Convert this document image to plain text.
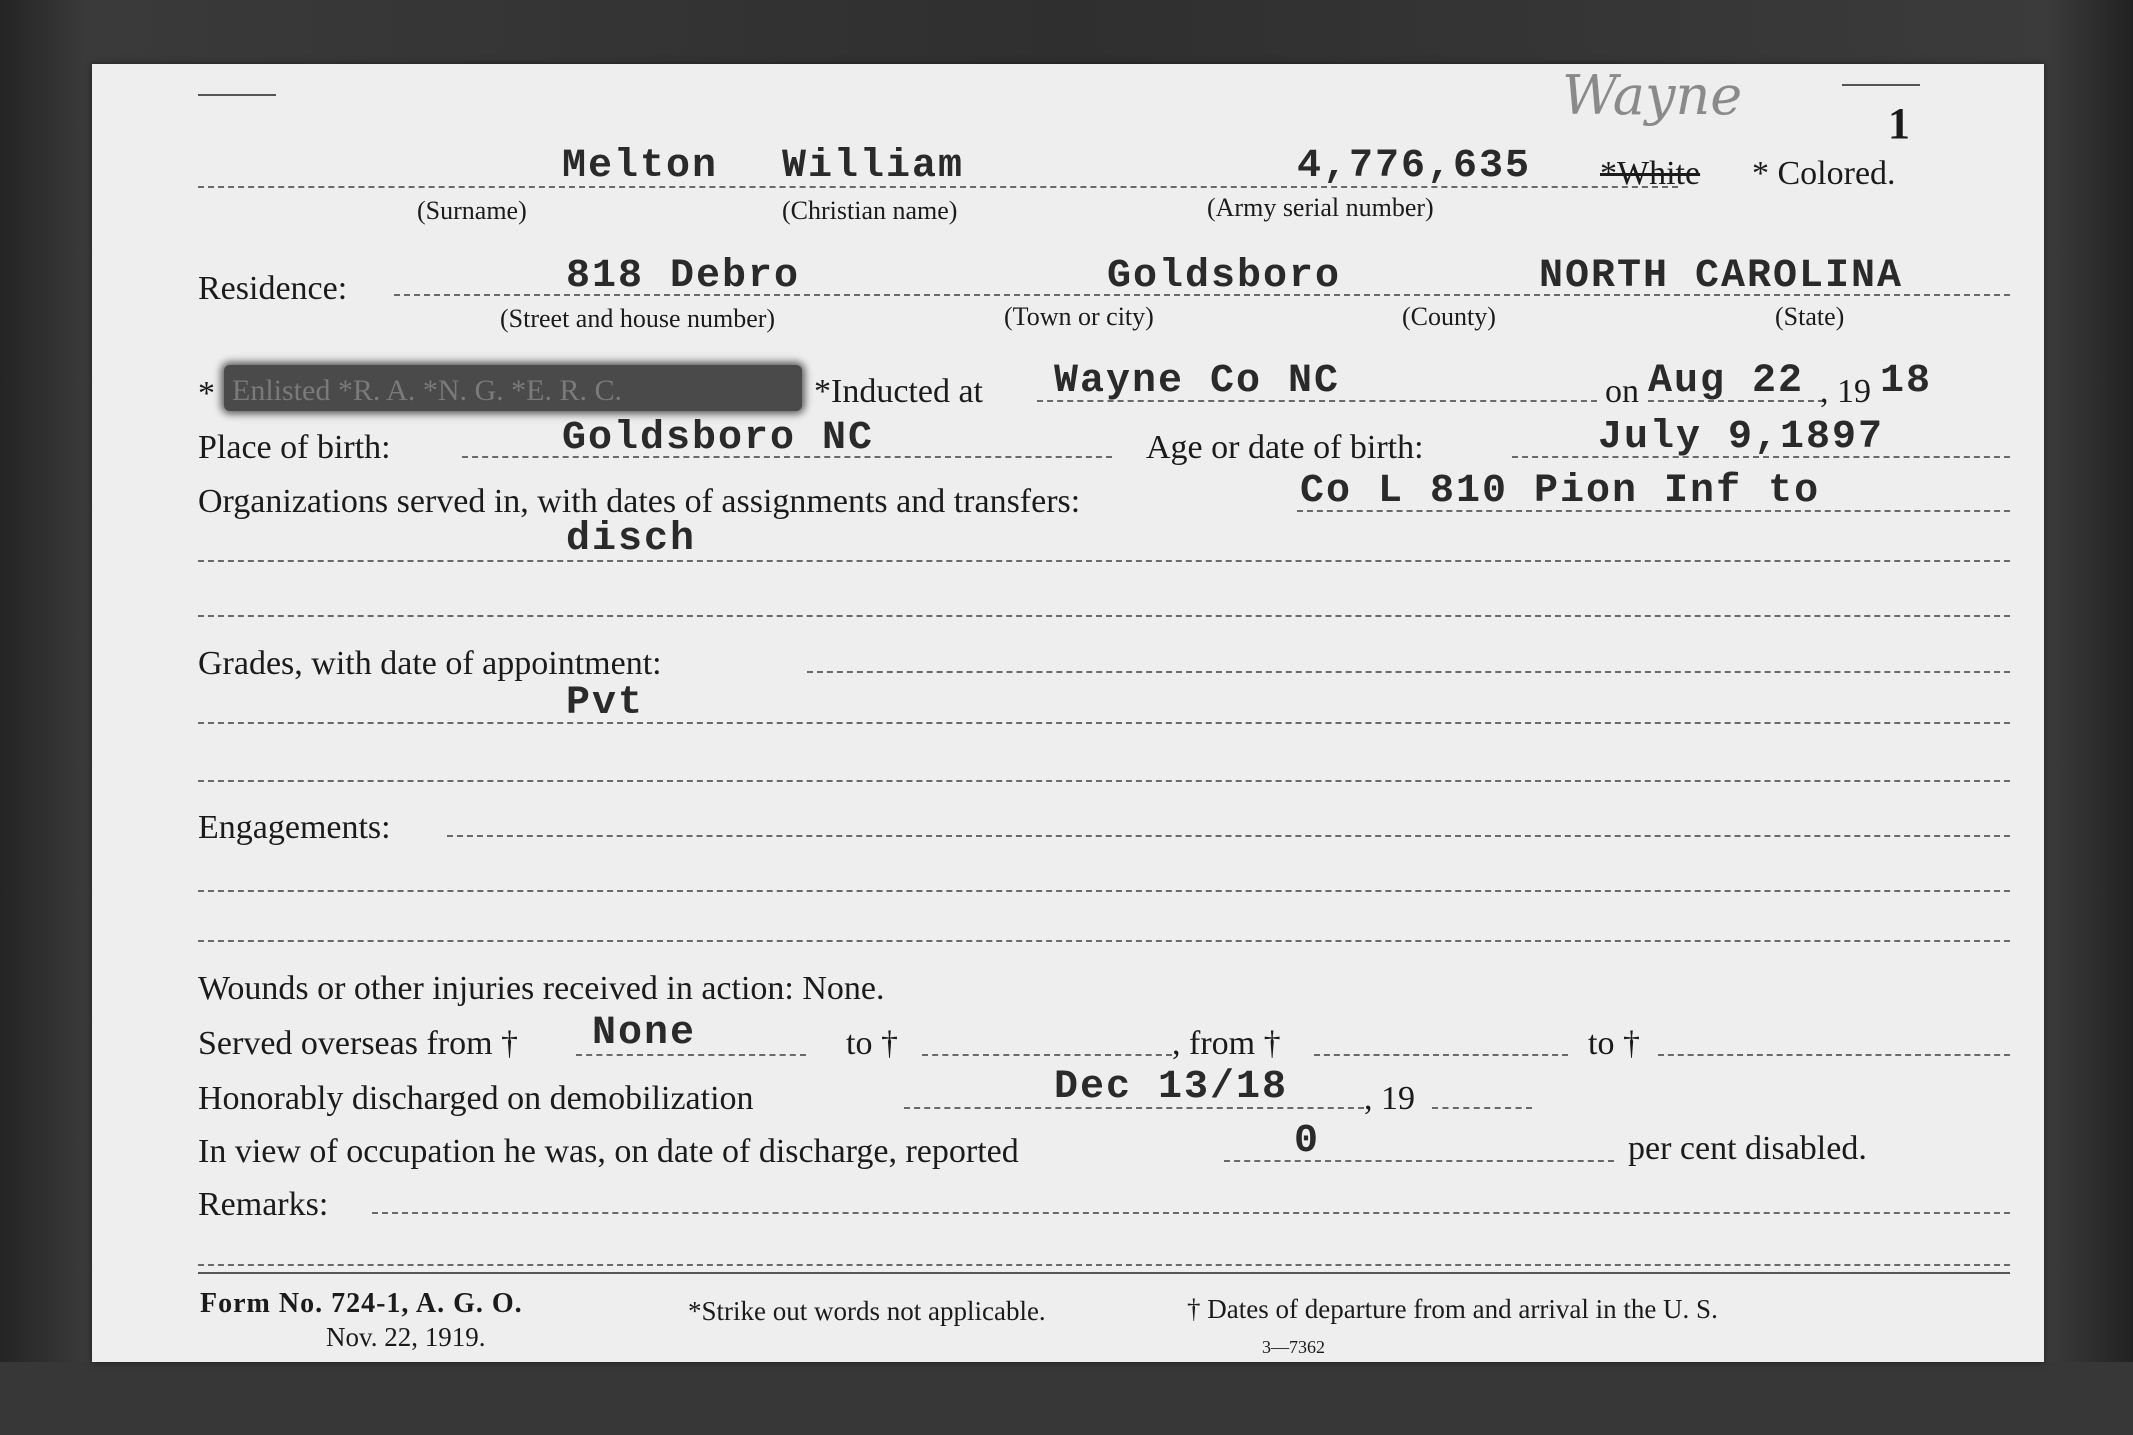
Wayne	1
Melton William	4,776,635 *White * Colored.
(Surname)	(Christian name)	(Army serial number)
Residence:	818 Debro	Goldsboro	NORTH CAROLINA
(Street and house number)	(Town or city)	(County)	(State)
* Enlisted *R. A. *N. G. *E. R. C.	*Inducted at Wayne Co NC	on Aug 22 , 19 18
Place of birth:	Goldsboro NC	Age or date of birth:	July 9,1897
Organizations served in, with dates of assignments and transfers:	Co L 810 Pion Inf to
disch
Grades, with date of appointment:
Pvt
Engagements:
Wounds or other injuries received in action: None.
Served overseas from † None	to †	, from †	to †
Honorably discharged on demobilization	Dec 13/18 , 19
In view of occupation he was, on date of discharge, reported	0	per cent disabled.
Remarks:
Form No. 724-1, A. G. O.
Nov. 22, 1919.
*Strike out words not applicable.	† Dates of departure from and arrival in the U. S.
3—7362
